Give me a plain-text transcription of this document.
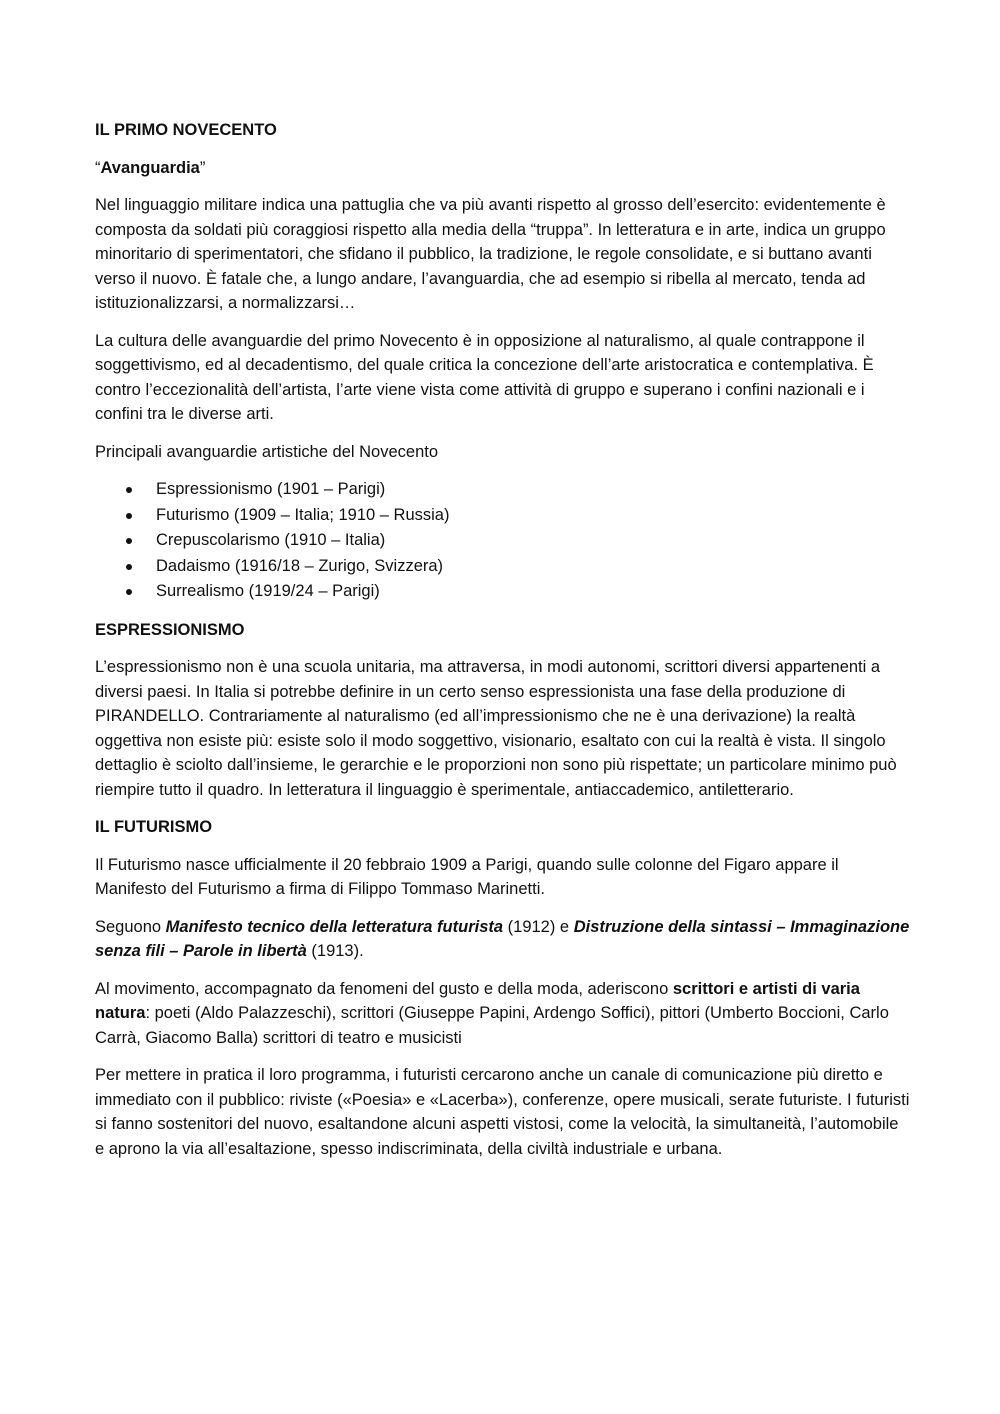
IL PRIMO NOVECENTO
“Avanguardia”

Nel linguaggio militare indica una pattuglia che va più avanti rispetto al grosso dell’esercito: evidentemente è composta da soldati più coraggiosi rispetto alla media della “truppa”. In letteratura e in arte, indica un gruppo minoritario di sperimentatori, che sfidano il pubblico, la tradizione, le regole consolidate, e si buttano avanti verso il nuovo. È fatale che, a lungo andare, l’avanguardia, che ad esempio si ribella al mercato, tenda ad istituzionalizzarsi, a normalizzarsi…

La cultura delle avanguardie del primo Novecento è in opposizione al naturalismo, al quale contrappone il soggettivismo, ed al decadentismo, del quale critica la concezione dell’arte aristocratica e contemplativa. È contro l’eccezionalità dell’artista, l’arte viene vista come attività di gruppo e superano i confini nazionali e i confini tra le diverse arti.

Principali avanguardie artistiche del Novecento

Espressionismo (1901 – Parigi)
Futurismo (1909 – Italia; 1910 – Russia)
Crepuscolarismo (1910 – Italia)
Dadaismo (1916/18 – Zurigo, Svizzera)
Surrealismo (1919/24 – Parigi)
ESPRESSIONISMO

L’espressionismo non è una scuola unitaria, ma attraversa, in modi autonomi, scrittori diversi appartenenti a diversi paesi. In Italia si potrebbe definire in un certo senso espressionista una fase della produzione di PIRANDELLO. Contrariamente al naturalismo (ed all’impressionismo che ne è una derivazione) la realtà oggettiva non esiste più: esiste solo il modo soggettivo, visionario, esaltato con cui la realtà è vista. Il singolo dettaglio è sciolto dall’insieme, le gerarchie e le proporzioni non sono più rispettate; un particolare minimo può riempire tutto il quadro. In letteratura il linguaggio è sperimentale, antiaccademico, antiletterario.

IL FUTURISMO

Il Futurismo nasce ufficialmente il 20 febbraio 1909 a Parigi, quando sulle colonne del Figaro appare il Manifesto del Futurismo a firma di Filippo Tommaso Marinetti.

Seguono Manifesto tecnico della letteratura futurista (1912) e Distruzione della sintassi – Immaginazione senza fili – Parole in libertà (1913).

Al movimento, accompagnato da fenomeni del gusto e della moda, aderiscono scrittori e artisti di varia natura: poeti (Aldo Palazzeschi), scrittori (Giuseppe Papini, Ardengo Soffici), pittori (Umberto Boccioni, Carlo Carrà, Giacomo Balla) scrittori di teatro e musicisti

Per mettere in pratica il loro programma, i futuristi cercarono anche un canale di comunicazione più diretto e immediato con il pubblico: riviste («Poesia» e «Lacerba»), conferenze, opere musicali, serate futuriste. I futuristi si fanno sostenitori del nuovo, esaltandone alcuni aspetti vistosi, come la velocità, la simultaneità, l’automobile e aprono la via all’esaltazione, spesso indiscriminata, della civiltà industriale e urbana.
